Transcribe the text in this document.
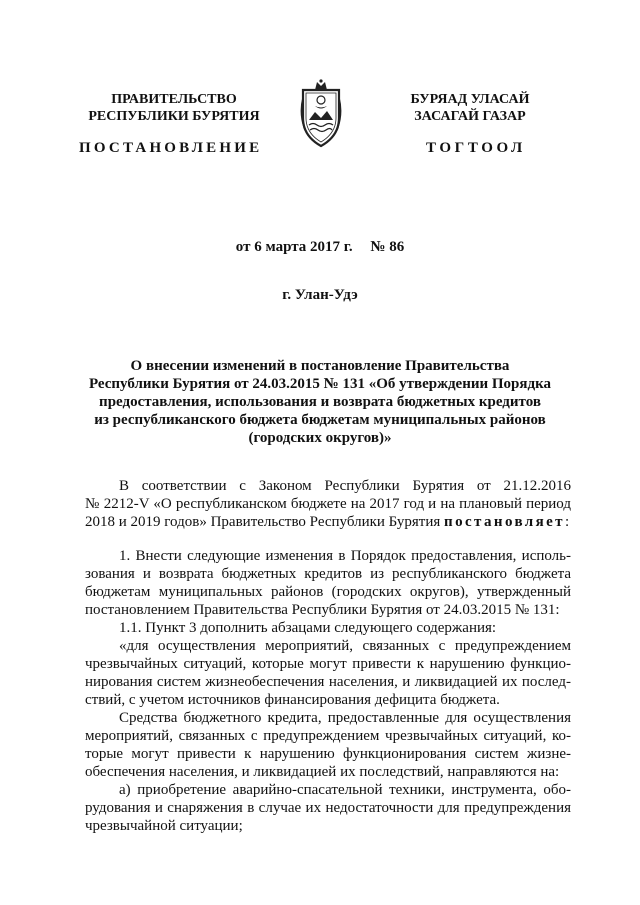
ПРАВИТЕЛЬСТВО
РЕСПУБЛИКИ БУРЯТИЯ
БУРЯАД УЛАСАЙ
ЗАСАГАЙ ГАЗАР
ПОСТАНОВЛЕНИЕ	ТОГТООЛ
от 6 марта 2017 г. № 86
г. Улан-Удэ
О внесении изменений в постановление Правительства
Республики Бурятия от 24.03.2015 № 131 «Об утверждении Порядка
предоставления, использования и возврата бюджетных кредитов
из республиканского бюджета бюджетам муниципальных районов
(городских округов)»
В соответствии с Законом Республики Бурятия от 21.12.2016
№ 2212-V «О республиканском бюджете на 2017 год и на плановый период
2018 и 2019 годов» Правительство Республики Бурятия постановляет:
1. Внести следующие изменения в Порядок предоставления, исполь-
зования и возврата бюджетных кредитов из республиканского бюджета
бюджетам муниципальных районов (городских округов), утвержденный
постановлением Правительства Республики Бурятия от 24.03.2015 № 131:
1.1. Пункт 3 дополнить абзацами следующего содержания:
«для осуществления мероприятий, связанных с предупреждением
чрезвычайных ситуаций, которые могут привести к нарушению функцио-
нирования систем жизнеобеспечения населения, и ликвидацией их послед-
ствий, с учетом источников финансирования дефицита бюджета.
Средства бюджетного кредита, предоставленные для осуществления
мероприятий, связанных с предупреждением чрезвычайных ситуаций, ко-
торые могут привести к нарушению функционирования систем жизне-
обеспечения населения, и ликвидацией их последствий, направляются на:
а) приобретение аварийно-спасательной техники, инструмента, обо-
рудования и снаряжения в случае их недостаточности для предупреждения
чрезвычайной ситуации;
